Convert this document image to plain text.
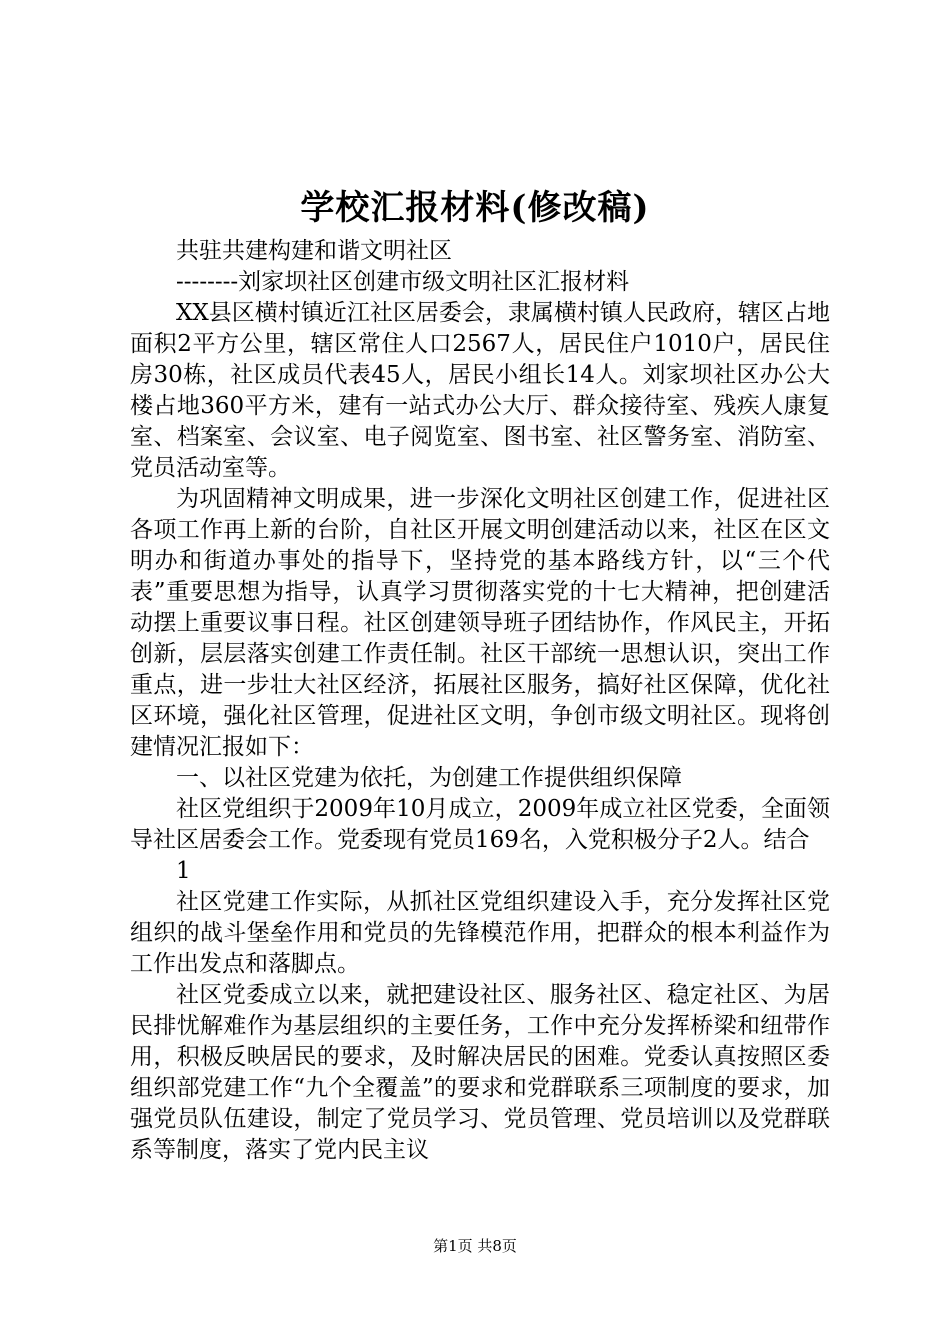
学校汇报材料(修改稿)

共驻共建构建和谐文明社区

--------刘家坝社区创建市级文明社区汇报材料

XX县区横村镇近江社区居委会，隶属横村镇人民政府，辖区占地面积2平方公里，辖区常住人口2567人，居民住户1010户，居民住房30栋，社区成员代表45人，居民小组长14人。刘家坝社区办公大楼占地360平方米，建有一站式办公大厅、群众接待室、残疾人康复室、档案室、会议室、电子阅览室、图书室、社区警务室、消防室、党员活动室等。

为巩固精神文明成果，进一步深化文明社区创建工作，促进社区各项工作再上新的台阶，自社区开展文明创建活动以来，社区在区文明办和街道办事处的指导下，坚持党的基本路线方针，以“三个代表”重要思想为指导，认真学习贯彻落实党的十七大精神，把创建活动摆上重要议事日程。社区创建领导班子团结协作，作风民主，开拓创新，层层落实创建工作责任制。社区干部统一思想认识，突出工作重点，进一步壮大社区经济，拓展社区服务，搞好社区保障，优化社区环境，强化社区管理，促进社区文明，争创市级文明社区。现将创建情况汇报如下：

一、以社区党建为依托，为创建工作提供组织保障

社区党组织于2009年10月成立，2009年成立社区党委，全面领导社区居委会工作。党委现有党员169名，入党积极分子2人。结合

1

社区党建工作实际，从抓社区党组织建设入手，充分发挥社区党组织的战斗堡垒作用和党员的先锋模范作用，把群众的根本利益作为工作出发点和落脚点。

社区党委成立以来，就把建设社区、服务社区、稳定社区、为居民排忧解难作为基层组织的主要任务，工作中充分发挥桥梁和纽带作用，积极反映居民的要求，及时解决居民的困难。党委认真按照区委组织部党建工作“九个全覆盖”的要求和党群联系三项制度的要求，加强党员队伍建设，制定了党员学习、党员管理、党员培训以及党群联系等制度，落实了党内民主议

第1页 共8页
